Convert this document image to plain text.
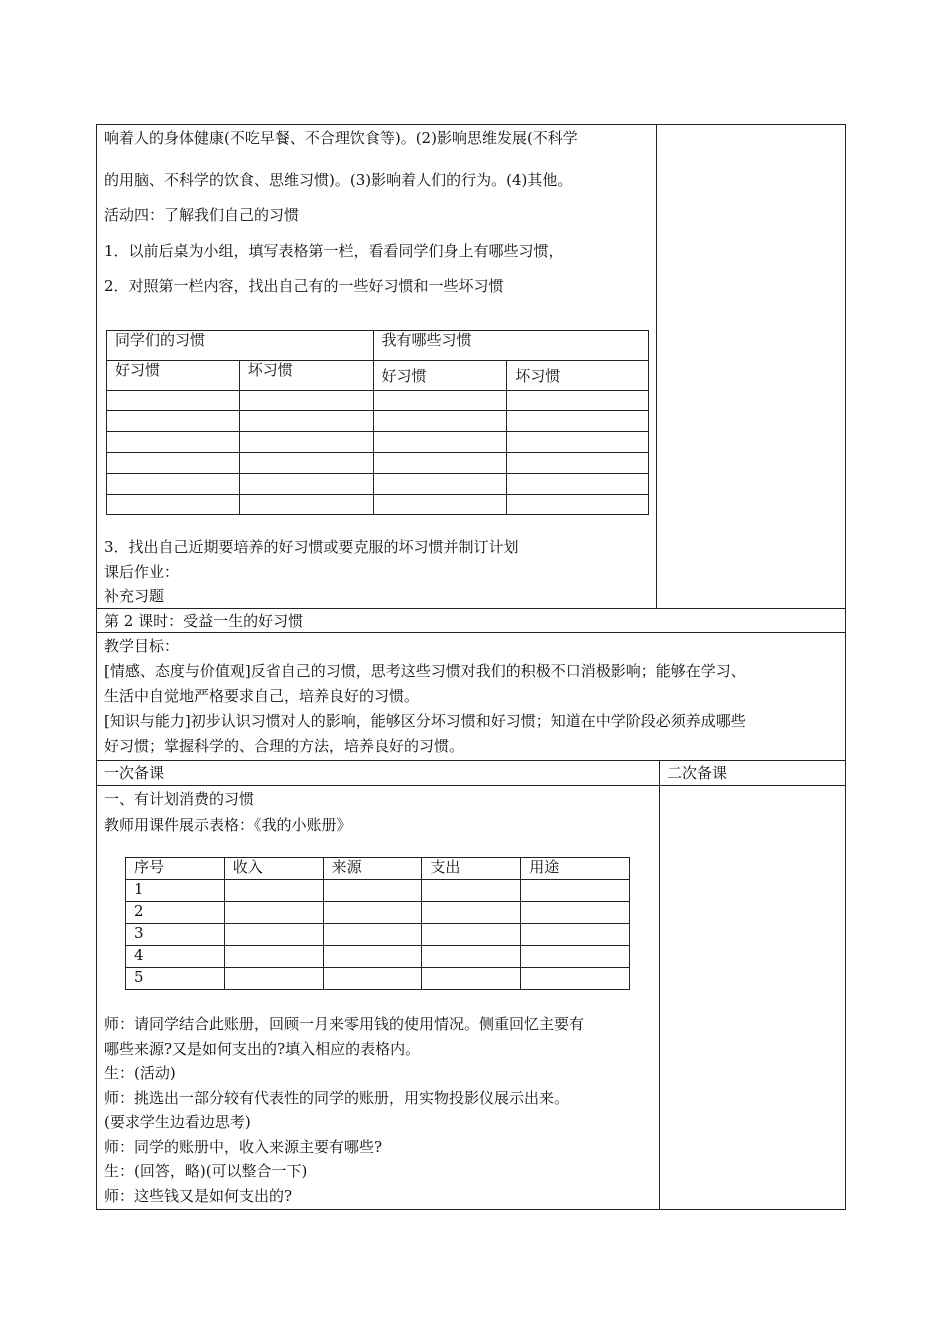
响着人的身体健康(不吃早餐、不合理饮食等)。(2)影响思维发展(不科学
的用脑、不科学的饮食、思维习惯)。(3)影响着人们的行为。(4)其他。
活动四：了解我们自己的习惯
1．以前后桌为小组，填写表格第一栏，看看同学们身上有哪些习惯，
2．对照第一栏内容，找出自己有的一些好习惯和一些坏习惯
同学们的习惯		我有哪些习惯	
好习惯	坏习惯	好习惯	坏习惯

3．找出自己近期要培养的好习惯或要克服的坏习惯并制订计划
课后作业：
补充习题
第 2 课时：受益一生的好习惯
教学目标：
[情感、态度与价值观]反省自己的习惯，思考这些习惯对我们的积极不口消极影响；能够在学习、
生活中自觉地严格要求自己，培养良好的习惯。
[知识与能力]初步认识习惯对人的影响，能够区分坏习惯和好习惯；知道在中学阶段必须养成哪些
好习惯；掌握科学的、合理的方法，培养良好的习惯。
一次备课	二次备课
一、有计划消费的习惯
教师用课件展示表格：《我的小账册》
序号	收入	来源	支出	用途
1				
2				
3				
4				
5				
师：请同学结合此账册，回顾一月来零用钱的使用情况。侧重回忆主要有
哪些来源?又是如何支出的?填入相应的表格内。
生：(活动)
师：挑选出一部分较有代表性的同学的账册，用实物投影仪展示出来。
(要求学生边看边思考)
师：同学的账册中，收入来源主要有哪些?
生：(回答，略)(可以整合一下)
师：这些钱又是如何支出的?
